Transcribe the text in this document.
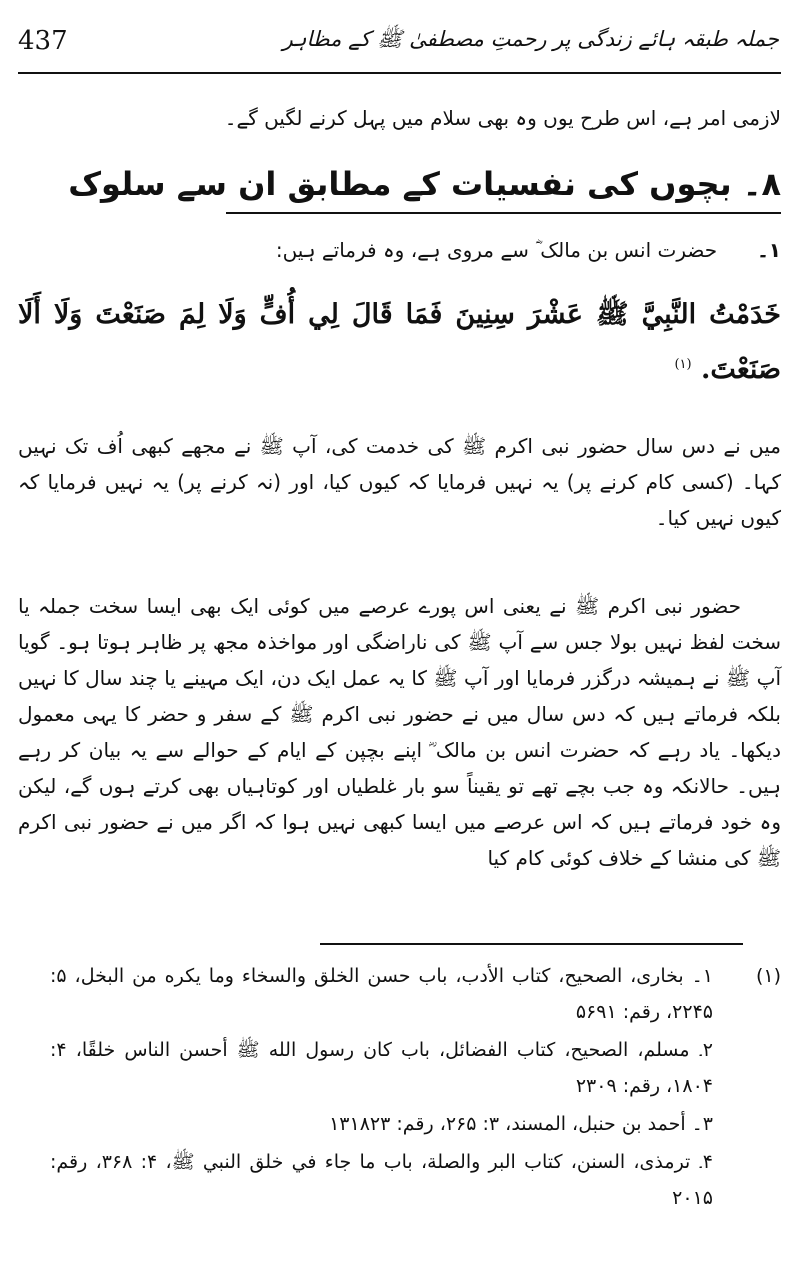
437	جملہ طبقہ ہائے زندگی پر رحمتِ مصطفیٰ ﷺ کے مظاہر
لازمی امر ہے، اس طرح یوں وہ بھی سلام میں پہل کرنے لگیں گے۔
۸۔ بچوں کی نفسیات کے مطابق ان سے سلوک
۱۔حضرت انس بن مالک ؓ سے مروی ہے، وہ فرماتے ہیں:
خَدَمْتُ النَّبِيَّ ﷺ عَشْرَ سِنِينَ فَمَا قَالَ لِي أُفٍّ وَلَا لِمَ صَنَعْتَ وَلَا أَلَا صَنَعْتَ. $^{(۱)}$
میں نے دس سال حضور نبی اکرم ﷺ کی خدمت کی، آپ ﷺ نے مجھے کبھی اُف تک نہیں کہا۔ (کسی کام کرنے پر) یہ نہیں فرمایا کہ کیوں کیا، اور (نہ کرنے پر) یہ نہیں فرمایا کہ کیوں نہیں کیا۔

حضور نبی اکرم ﷺ نے یعنی اس پورے عرصے میں کوئی ایک بھی ایسا سخت جملہ یا سخت لفظ نہیں بولا جس سے آپ ﷺ کی ناراضگی اور مواخذہ مجھ پر ظاہر ہوتا ہو۔ گویا آپ ﷺ نے ہمیشہ درگزر فرمایا اور آپ ﷺ کا یہ عمل ایک دن، ایک مہینے یا چند سال کا نہیں بلکہ فرماتے ہیں کہ دس سال میں نے حضور نبی اکرم ﷺ کے سفر و حضر کا یہی معمول دیکھا۔ یاد رہے کہ حضرت انس بن مالک ؓ اپنے بچپن کے ایام کے حوالے سے یہ بیان کر رہے ہیں۔ حالانکہ وہ جب بچے تھے تو یقیناً سو بار غلطیاں اور کوتاہیاں بھی کرتے ہوں گے، لیکن وہ خود فرماتے ہیں کہ اس عرصے میں ایسا کبھی نہیں ہوا کہ اگر میں نے حضور نبی اکرم ﷺ کی منشا کے خلاف کوئی کام کیا

(۱)
۱۔ بخاری، الصحيح، كتاب الأدب، باب حسن الخلق والسخاء وما يكره من البخل، ۵: ۲۲۴۵، رقم: ۵۶۹۱
۲۔ مسلم، الصحيح، كتاب الفضائل، باب كان رسول الله ﷺ أحسن الناس خلقًا، ۴: ۱۸۰۴، رقم: ۲۳۰۹
۳۔ أحمد بن حنبل، المسند، ۳: ۲۶۵، رقم: ۱۳۱۸۲۳
۴۔ ترمذی، السنن، کتاب البر والصلة، باب ما جاء في خلق النبي ﷺ، ۴: ۳۶۸، رقم: ۲۰۱۵
